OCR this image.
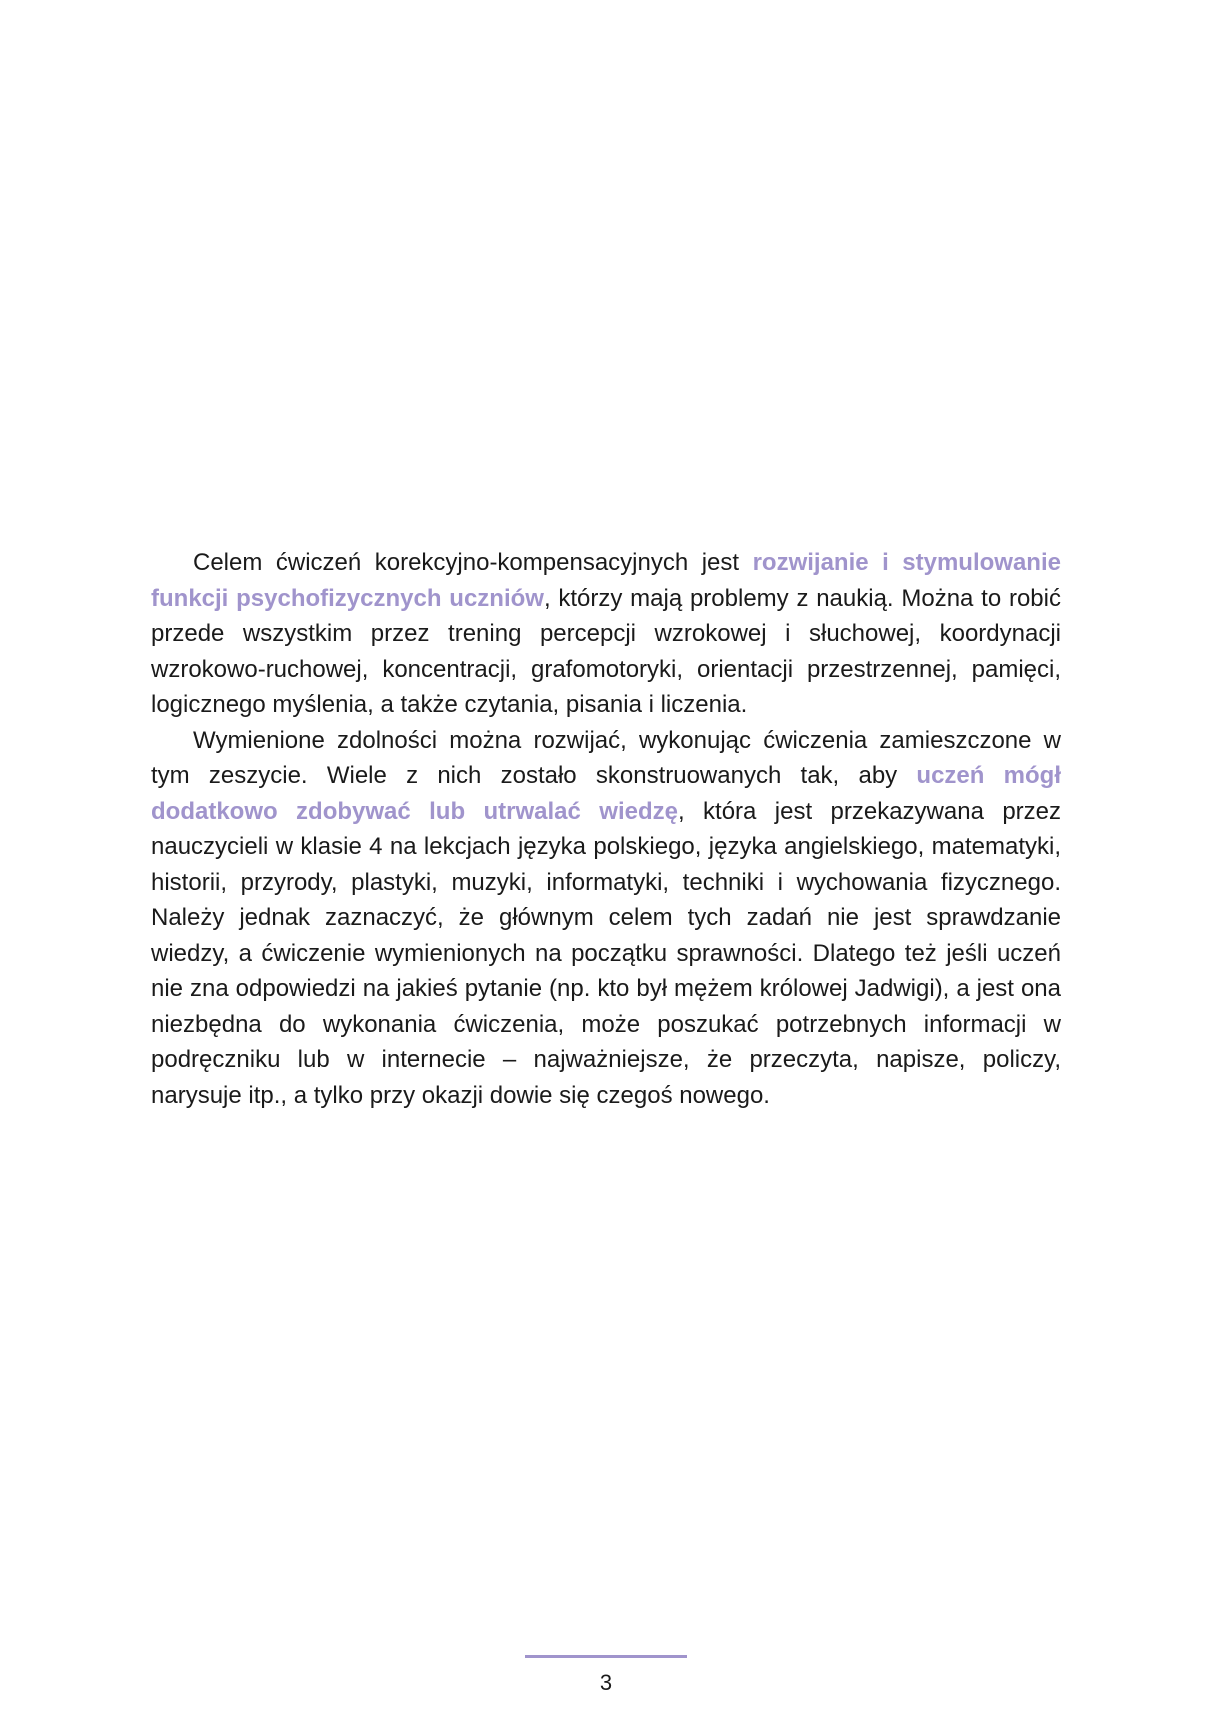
Celem ćwiczeń korekcyjno-kompensacyjnych jest rozwijanie i stymulowanie funkcji psychofizycznych uczniów, którzy mają problemy z naukią. Można to robić przede wszystkim przez trening percepcji wzrokowej i słuchowej, koordynacji wzrokowo-ruchowej, koncentracji, grafomotoryki, orientacji przestrzennej, pamięci, logicznego myślenia, a także czytania, pisania i liczenia.

Wymienione zdolności można rozwijać, wykonując ćwiczenia zamieszczone w tym zeszycie. Wiele z nich zostało skonstruowanych tak, aby uczeń mógł dodatkowo zdobywać lub utrwalać wiedzę, która jest przekazywana przez nauczycieli w klasie 4 na lekcjach języka polskiego, języka angielskiego, matematyki, historii, przyrody, plastyki, muzyki, informatyki, techniki i wychowania fizycznego. Należy jednak zaznaczyć, że głównym celem tych zadań nie jest sprawdzanie wiedzy, a ćwiczenie wymienionych na początku sprawności. Dlatego też jeśli uczeń nie zna odpowiedzi na jakieś pytanie (np. kto był mężem królowej Jadwigi), a jest ona niezbędna do wykonania ćwiczenia, może poszukać potrzebnych informacji w podręczniku lub w internecie – najważniejsze, że przeczyta, napisze, policzy, narysuje itp., a tylko przy okazji dowie się czegoś nowego.

3
